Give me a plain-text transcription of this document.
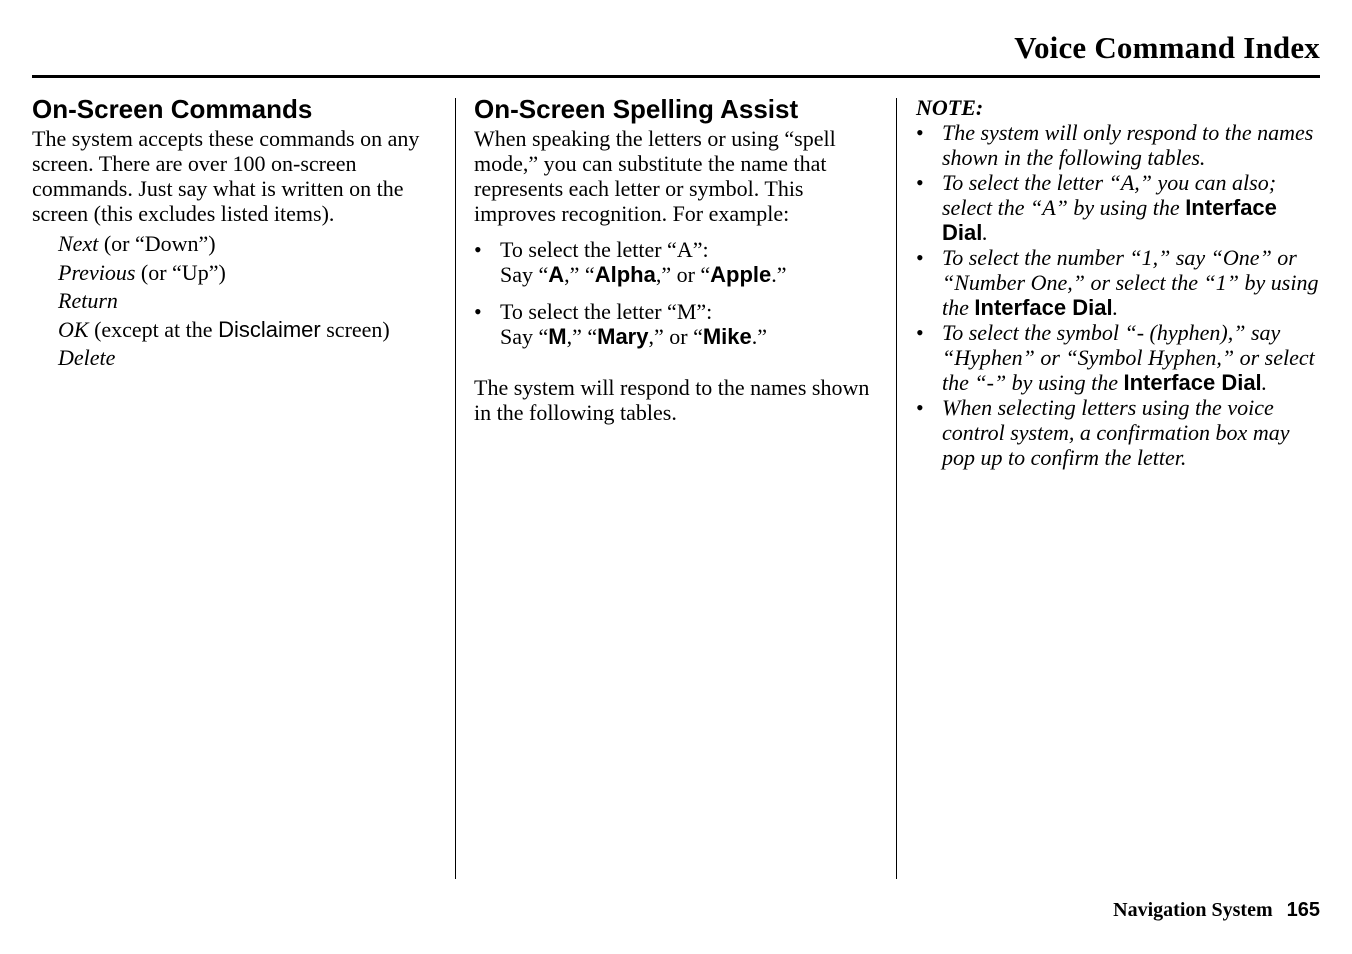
Voice Command Index
On-Screen Commands

The system accepts these commands on any screen. There are over 100 on-screen commands. Just say what is written on the screen (this excludes listed items).

Next (or “Down”)
Previous (or “Up”)
Return
OK (except at the Disclaimer screen)
Delete
On-Screen Spelling Assist

When speaking the letters or using “spell mode,” you can substitute the name that represents each letter or symbol. This improves recognition. For example:

• To select the letter “A”:
Say “A,” “Alpha,” or “Apple.”
• To select the letter “M”:
Say “M,” “Mary,” or “Mike.”

The system will respond to the names shown in the following tables.

NOTE:

• The system will only respond to the names shown in the following tables.
• To select the letter “A,” you can also; select the “A” by using the Interface Dial.
• To select the number “1,” say “One” or “Number One,” or select the “1” by using the Interface Dial.
• To select the symbol “- (hyphen),” say “Hyphen” or “Symbol Hyphen,” or select the “-” by using the Interface Dial.
• When selecting letters using the voice control system, a confirmation box may pop up to confirm the letter.
Navigation System 165
